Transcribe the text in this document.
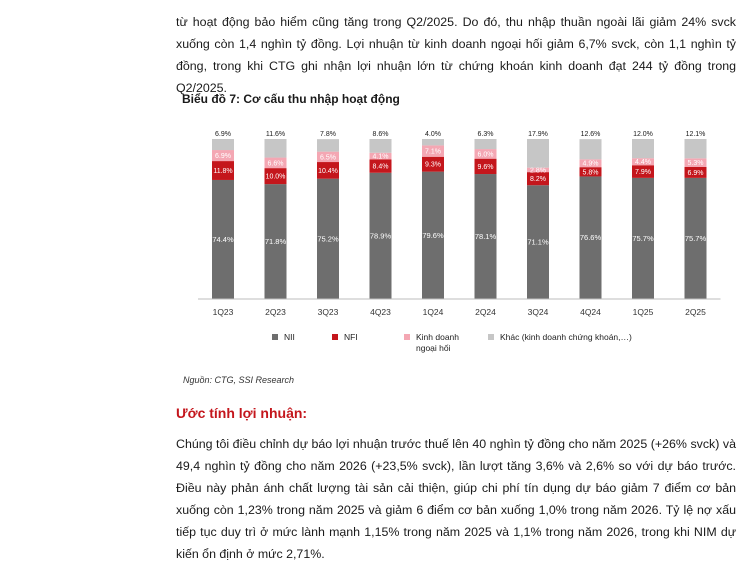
từ hoạt động bảo hiểm cũng tăng trong Q2/2025. Do đó, thu nhập thuần ngoài lãi giảm 24% svck xuống còn 1,4 nghìn tỷ đồng. Lợi nhuận từ kinh doanh ngoại hối giảm 6,7% svck, còn 1,1 nghìn tỷ đồng, trong khi CTG ghi nhận lợi nhuận lớn từ chứng khoán kinh doanh đạt 244 tỷ đồng trong Q2/2025.

Biểu đồ 7: Cơ cấu thu nhập hoạt động
74.4%
11.8%
6.9%
6.9%
71.8%
10.0%
6.6%
11.6%
75.2%
10.4%
6.5%
7.8%
78.9%
8.4%
4.1%
8.6%
79.6%
9.3%
7.1%
4.0%
78.1%
9.6%
6.0%
6.3%
71.1%
8.2%
2.8%
17.9%
76.6%
5.8%
4.9%
12.6%
75.7%
7.9%
4.4%
12.0%
75.7%
6.9%
5.3%
12.1%
1Q23	2Q23	3Q23	4Q23	1Q24	2Q24	3Q24	4Q24	1Q25	2Q25
NII	NFI	Kinh doanh
ngoại hối
Khác (kinh doanh chứng khoán,…)
Nguồn: CTG, SSI Research
Ước tính lợi nhuận:

Chúng tôi điều chỉnh dự báo lợi nhuận trước thuế lên 40 nghìn tỷ đồng cho năm 2025 (+26% svck) và 49,4 nghìn tỷ đồng cho năm 2026 (+23,5% svck), lần lượt tăng 3,6% và 2,6% so với dự báo trước. Điều này phản ánh chất lượng tài sản cải thiện, giúp chi phí tín dụng dự báo giảm 7 điểm cơ bản xuống còn 1,23% trong năm 2025 và giảm 6 điểm cơ bản xuống 1,0% trong năm 2026. Tỷ lệ nợ xấu tiếp tục duy trì ở mức lành mạnh 1,15% trong năm 2025 và 1,1% trong năm 2026, trong khi NIM dự kiến ổn định ở mức 2,71%.
